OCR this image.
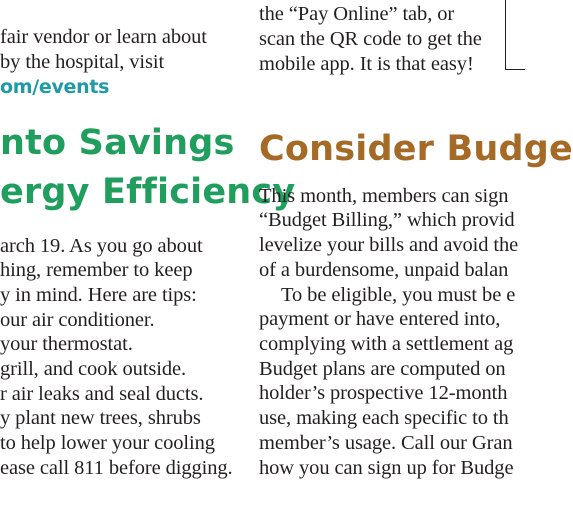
fair vendor or learn about
by the hospital, visit
om/events
nto Savings
ergy Efficiency
arch 19. As you go about
hing, remember to keep
y in mind. Here are tips:
our air conditioner.
your thermostat.
grill, and cook outside.
r air leaks and seal ducts.
y plant new trees, shrubs
to help lower your cooling
ease call 811 before digging.
the “Pay Online” tab, or
scan the QR code to get the
mobile app. It is that easy!
Consider Budge
This month, members can sign
“Budget Billing,” which provid
levelize your bills and avoid the
of a burdensome, unpaid balan
To be eligible, you must be e
payment or have entered into,
complying with a settlement ag
Budget plans are computed on
holder’s prospective 12-month
use, making each specific to th
member’s usage. Call our Gran
how you can sign up for Budge
